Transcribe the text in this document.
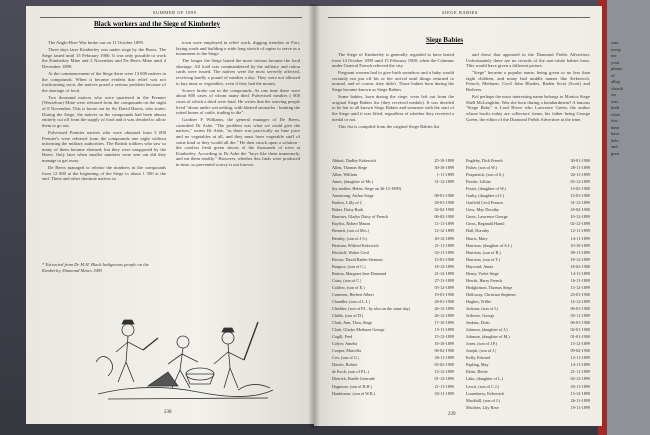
wax
recep
me
your
please
of
alleg
church
we
was
both
what
few
hasn
have
belo
and
grea
SUMMER OF 1899
Black workers and the Siege of Kimberley

The Anglo-Boer War broke out on 11 October 1899.

Three days later Kimberley was under siege by the Boers. The Siege lasted until 15 February 1900. It was only possible to work the Kimberley Mine and 3 November and De Beers Mine until 4 December 1899.

At the commencement of the Siege there were 13 000 natives in the compounds. When it became evident that relief was not forthcoming soon, the natives posed a serious problem because of the shortage of food.

Two thousand natives who were quartered in the Premier (Wesselton) Mine were released from the compounds on the night of 8 November. This is borne out by Sir David Harris, who states: During the Siege, the natives in the compounds had been almost entirely cut off from the supply of food and it was decided to allow them to go out.

Pulverised Premier natives who were obtained from 3 000 Premier's were released from the compounds one night without informing the military authorities. The British soldiers who saw so many of them became alarmed, but they were unopposed by the Boers. Only later when smaller numbers were sent out did they manage to get away.

De Beers managed to release the numbers in the compounds from 12 000 at the beginning of the Siege to about 1 500 at the end. These and other destitute natives in

town were employed in relief work, digging trenches at Fort, laying roads and building a wide long stretch of rapier to serve as a monument to the Siege.

The longer the Siege lasted the more serious became the food shortage. All food was commandeered by the military and ration cards were issued. The natives were the most severely affected, receiving hardly a pound of mealies a day. They were not allowed to buy meat or vegetables, even if they had the money.

Scurvy broke out in the compounds. As one time there were about 800 cases of whom many died. Pulverised mealies ( 000 cases of which a third were fatal. He writes that the starving people lived "about under wet netting, with bleated stomachs - hunting the rotted bones of cattle, trading to die".

Gardner F Williams, the general manager of De Beers, consulted Dr Ashe. "The problem was what we could give the natives," writes Dr Ashe, "as there was practically no lime juice and no vegetables at all, and they must have vegetable stuff of some kind or they would all die." He then struck upon a solution - the careless fresh green shoots of the thousands of trees at Kimberley. According to Dr Ashe the "boys like them immensely, and eat them readily." However, whether this finds were produced in time, so prevented scurvy is not known.

* Extracted from Dr M.H. Black Indigenous people on the Kimberley Diamond Mines 1983
238
SIEGE BABIES
Siege Babies

The Siege of Kimberley is generally regarded to have lasted from 14 October 1899 until 15 February 1900, when the Columns under General French relieved the city.

Pregnant women had to give birth somehow and a baby would certainly not put off his or her arrival until things returned to normal, and of course, they didn't. Those babies born during the Siege became known as Siege Babies.

Some babies, born during the siege, were left out from the original Siege Babies list (they received medals). It was decided to be fair to all known Siege Babies and someone with the start of the Siege until it was lifted, regardless of whether they received a medal or not.

This list is compiled from the original Siege Babies list

and those that appeared in the Diamond Fields Advertiser. Unfortunately there are no records of the non-white babies born. This would have given a different picture.

"Siege" became a popular name, being given to no less than eight children, and many had middle names like Kekewich, French, Methuen, Cecil John Rhodes, Baden Scott (Scott) and Redvers.

Kel perhaps the most interesting name belongs to Monica Siege Shell McLaughlin. Was she born during a bombardment? A famous "Siege Baby" is Lord Howe who Lawrence Green, the author whose books today are collectors' items, his father being George Green, the editor of the Diamond Fields Advertiser at the time.

Abbott, Dudley Kekewich	25-10-1899
Allen, Thomas Siege	30-10-1899
Allen, William	1-11-1899
Ames, (daughter of Mr.)	31-12-1899
(by mother, Helen, Siege on 26-12-1899)
Armstrong, Arthur Siege	08-01-1900
Barlow, Lilly of J.	28-01-1900
Baker, Daisy Ruth	02-02-1900
Barrows, Gladys Daisy of French	06-02-1900
Bayliss, Robert Mason	11-11-1899
Bennett, (son of Mrs.)	12-12-1899
Bentley, (son of J.S.)	20-12-1899
Bertram, Wilfred Kekewich	21-11-1899
Bischoff, Walter Cecil	02-11-1899
Brown, David Baden Siemens	15-01-1900
Burgess, (son of C.)	18-12-1899
Burton, Margaret Jane Diamond	21-12-1899
Cairo, (son of C.)	27-11-1899
Caldow, (son of E.)	05-12-1899
Cameron, Herbert Albert	19-01-1900
Chandler, (son of L.J.)	28-01-1900
Chiebler, (son of P.L. by also on the same day)	26-12-1899
Childs, (son of D.)	26-12-1899
Clark, Ann, Thea, Siege	17-10-1899
Clark, Gladys Methuen George	15-11-1899
Cogill, Fred	15-12-1899
Colyer, Amelia	16-10-1899
Cooper, Marcella	06-02-1900
Cox, (son of G.)	26-11-1899
Davies, Robert	03-02-1900
de Kock, (son of P.L.)	13-12-1899
Dietrich, Buelle Gertrude	01-12-1899
Dugmore, (son of B.H.)	21-11-1899
Dunkinson, (son of W.B.)	03-11-1899
Engleby, Dick French	30-01-1900
Fisher, (son of W.)	28-11-1899
Fitzpatrick, (son of S.)	02-11-1899
Fincke, Lillian	03-12-1899
Foster, (daughter of W.)	13-02-1900
Garby, (daughter of J.)	15-01-1900
Garfield Cecil Francis	31-12-1899
Goss, May Dorothy	18-02-1900
Gross, Lawrence George	10-12-1899
Gross, Reginald Hamil	02-12-1899
Hall, Dorothy	12-11-1899
Harris, Mary	14-11-1899
Harrison, (daughter of S.J.)	10-10-1899
Harrison, (son of R.)	09-11-1899
Harrison, (son of T.)	18-12-1899
Hayward, Annie	18-02-1900
Henry, Violet Siege	14-11-1899
Hewitt, Harry French	16-11-1899
Hodgkinson, Thomas Siege	13-12-1899
Holloway, Christian Stephens	23-01-1900
Hughes, Willie	14-12-1899
Jackson, (son of J.)	06-01-1900
Jefferies, George	05-11-1899
Jenkins, Doris	06-01-1900
Johnson, (daughter of J.)	02-01-1900
Johnson, (daughter of M.)	01-01-1900
Jones, (son of J.P.)	13-12-1899
Joseph, (son of J.)	09-02-1900
Kelly, Edward	12-11-1899
Kipling, May	14-11-1899
Klein, Bertie	21-11-1899
Lake, (daughter of L.)	04-12-1899
Lewis, (son of C.J.)	03-11-1899
Lounsberry, Kekewich	13-12-1899
Mackhill, (son of J.)	26-11-1899
Maclean, Lily Rose	19-11-1899
239
